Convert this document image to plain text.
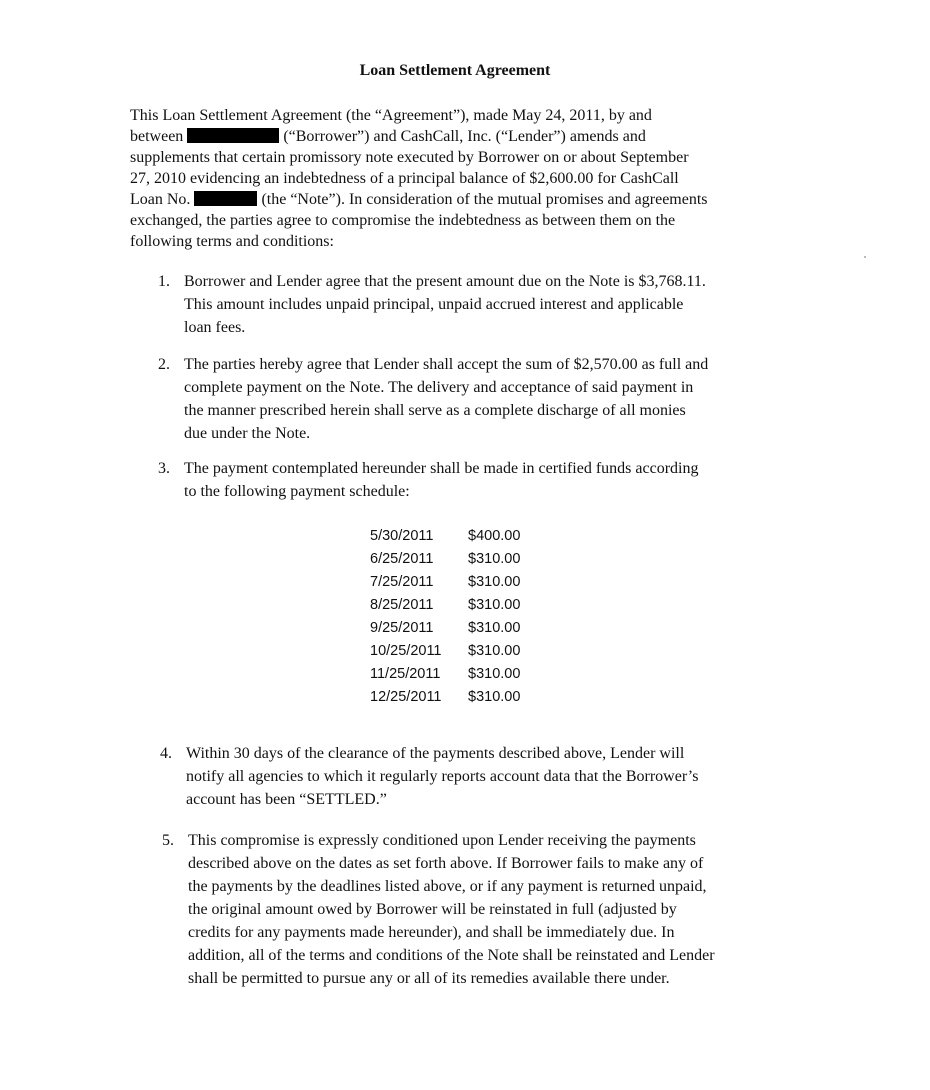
Loan Settlement Agreement
This Loan Settlement Agreement (the “Agreement”), made May 24, 2011, by and
between	(“Borrower”) and CashCall, Inc. (“Lender”) amends and
supplements that certain promissory note executed by Borrower on or about September
27, 2010 evidencing an indebtedness of a principal balance of $2,600.00 for CashCall
Loan No.	(the “Note”). In consideration of the mutual promises and agreements
exchanged, the parties agree to compromise the indebtedness as between them on the
following terms and conditions:
1. Borrower and Lender agree that the present amount due on the Note is $3,768.11.
This amount includes unpaid principal, unpaid accrued interest and applicable
loan fees.
2. The parties hereby agree that Lender shall accept the sum of $2,570.00 as full and
complete payment on the Note. The delivery and acceptance of said payment in
the manner prescribed herein shall serve as a complete discharge of all monies
due under the Note.
3. The payment contemplated hereunder shall be made in certified funds according
to the following payment schedule:
5/30/2011	$400.00
6/25/2011	$310.00
7/25/2011	$310.00
8/25/2011	$310.00
9/25/2011	$310.00
10/25/2011	$310.00
11/25/2011	$310.00
12/25/2011	$310.00
4. Within 30 days of the clearance of the payments described above, Lender will
notify all agencies to which it regularly reports account data that the Borrower’s
account has been “SETTLED.”
5. This compromise is expressly conditioned upon Lender receiving the payments
described above on the dates as set forth above. If Borrower fails to make any of
the payments by the deadlines listed above, or if any payment is returned unpaid,
the original amount owed by Borrower will be reinstated in full (adjusted by
credits for any payments made hereunder), and shall be immediately due. In
addition, all of the terms and conditions of the Note shall be reinstated and Lender
shall be permitted to pursue any or all of its remedies available there under.
